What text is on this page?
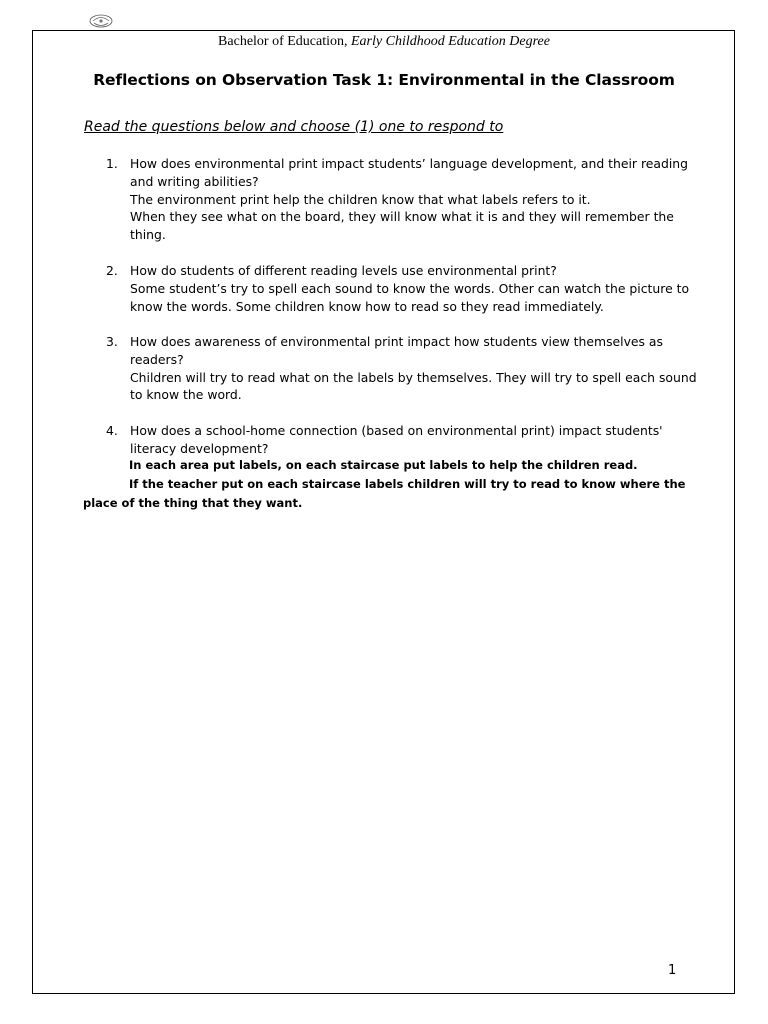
Bachelor of Education, Early Childhood Education Degree
Reflections on Observation Task 1: Environmental in the Classroom
Read the questions below and choose (1) one to respond to
1. How does environmental print impact students’ language development, and their reading and writing abilities?
The environment print help the children know that what labels refers to it.
When they see what on the board, they will know what it is and they will remember the thing.
2. How do students of different reading levels use environmental print?
Some student’s try to spell each sound to know the words. Other can watch the picture to know the words. Some children know how to read so they read immediately.
3. How does awareness of environmental print impact how students view themselves as readers?
Children will try to read what on the labels by themselves. They will try to spell each sound to know the word.
4. How does a school-home connection (based on environmental print) impact students' literacy development?
In each area put labels, on each staircase put labels to help the children read.
If the teacher put on each staircase labels children will try to read to know where the place of the thing that they want.
1
